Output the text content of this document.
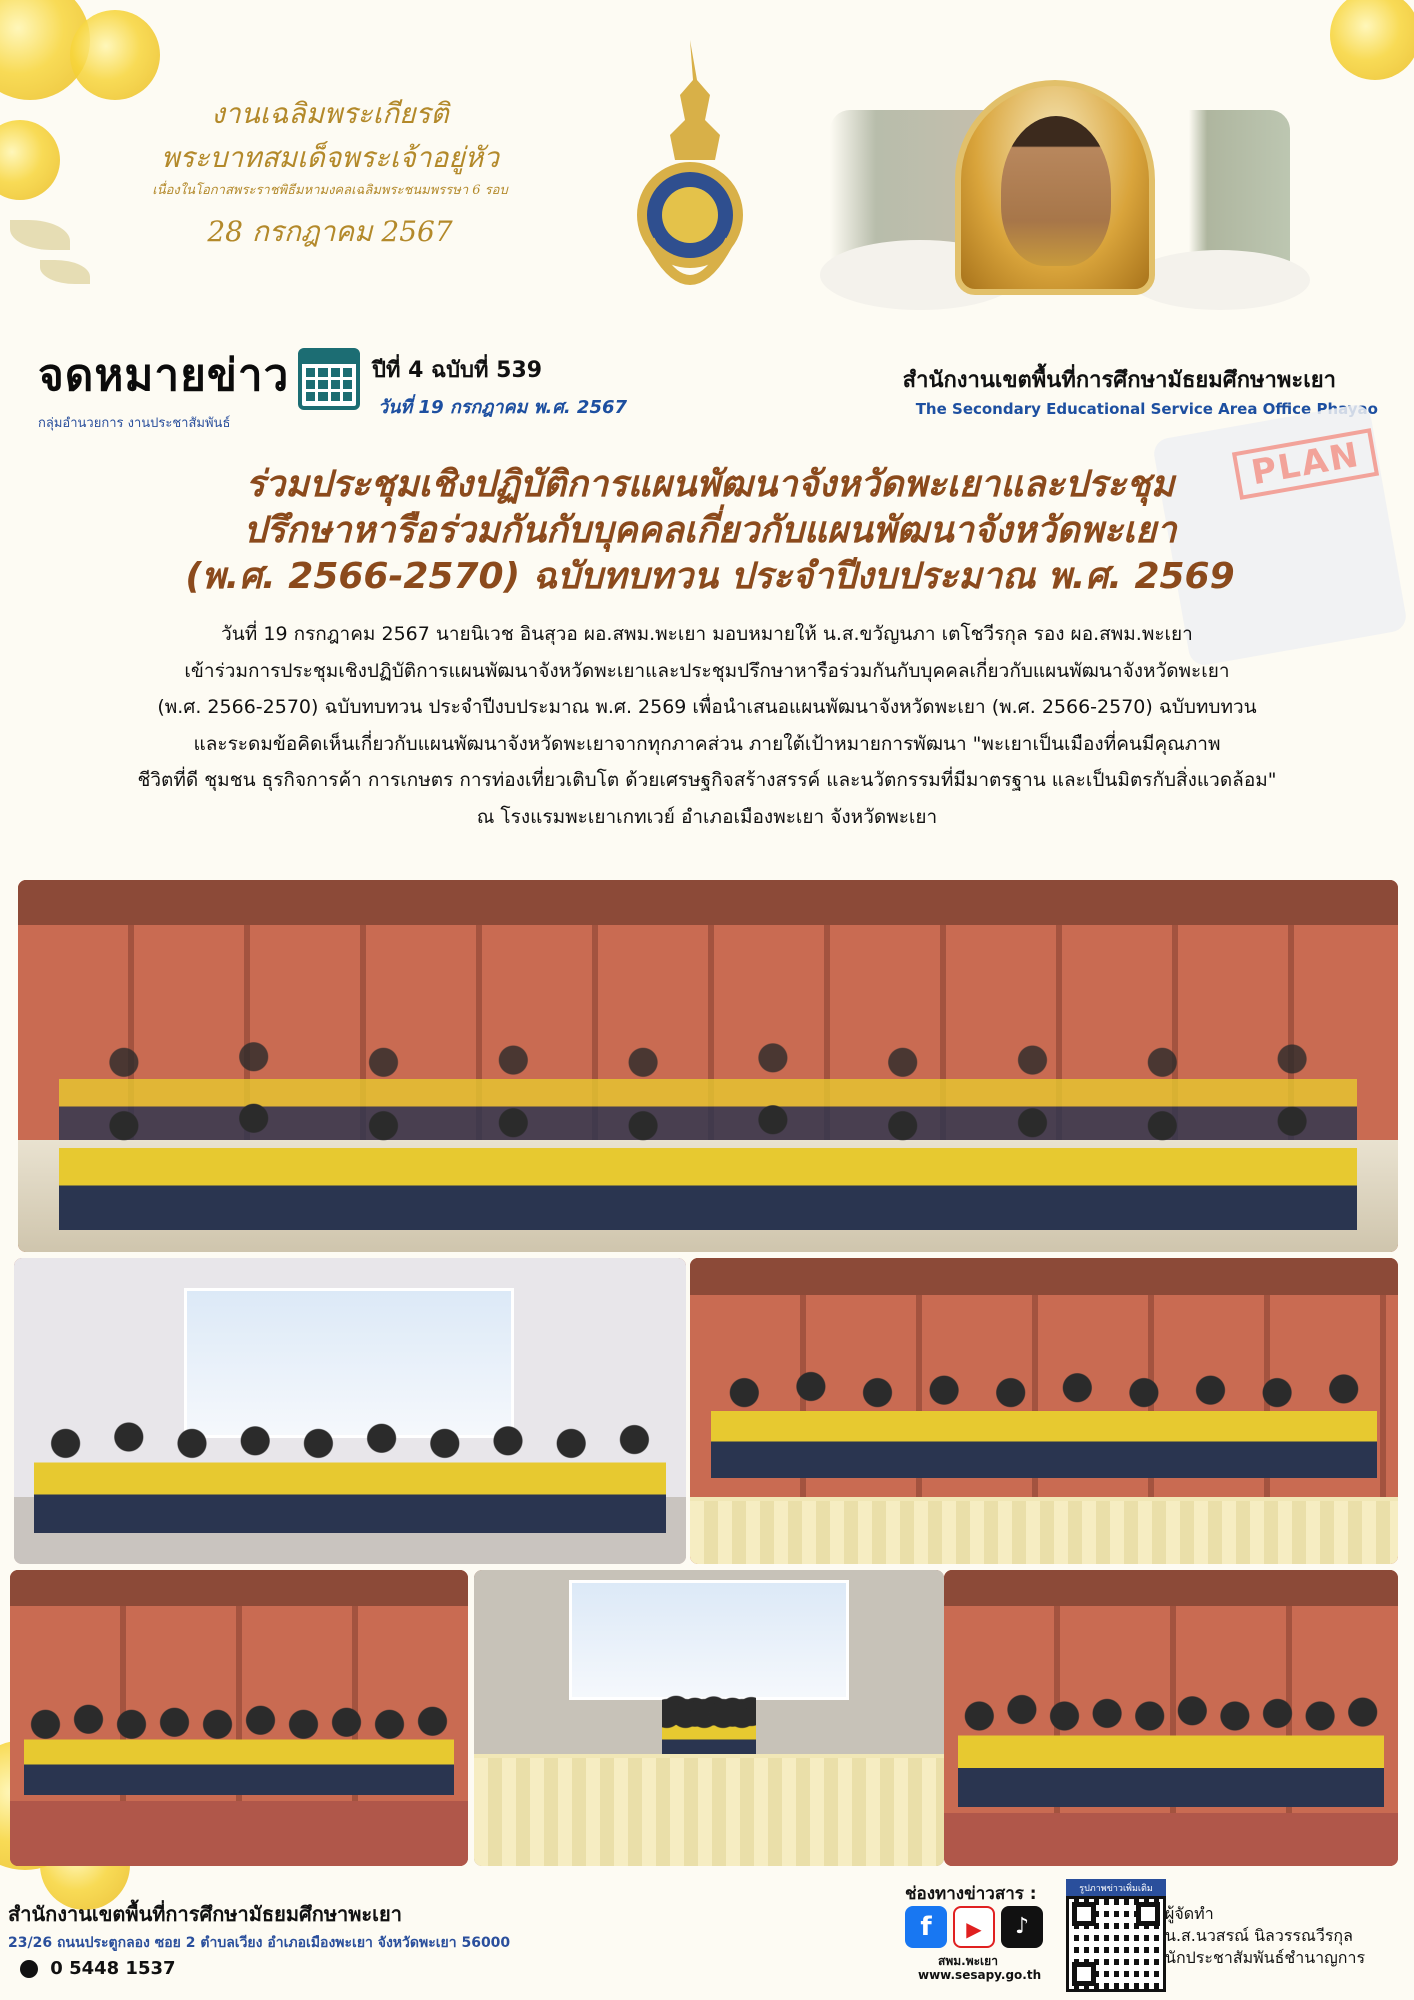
งานเฉลิมพระเกียรติ
พระบาทสมเด็จพระเจ้าอยู่หัว
เนื่องในโอกาสพระราชพิธีมหามงคลเฉลิมพระชนมพรรษา 6 รอบ
28 กรกฎาคม 2567
จดหมายข่าว
กลุ่มอำนวยการ งานประชาสัมพันธ์
ปีที่ 4 ฉบับที่ 539
วันที่ 19 กรกฎาคม พ.ศ. 2567
สำนักงานเขตพื้นที่การศึกษามัธยมศึกษาพะเยา
The Secondary Educational Service Area Office Phayao
PLAN
ร่วมประชุมเชิงปฏิบัติการแผนพัฒนาจังหวัดพะเยาและประชุม
ปรึกษาหารือร่วมกันกับบุคคลเกี่ยวกับแผนพัฒนาจังหวัดพะเยา
(พ.ศ. 2566-2570) ฉบับทบทวน ประจำปีงบประมาณ พ.ศ. 2569
วันที่ 19 กรกฎาคม 2567 นายนิเวช อินสุวอ ผอ.สพม.พะเยา มอบหมายให้ น.ส.ขวัญนภา เตโชวีรกุล รอง ผอ.สพม.พะเยา
เข้าร่วมการประชุมเชิงปฏิบัติการแผนพัฒนาจังหวัดพะเยาและประชุมปรึกษาหารือร่วมกันกับบุคคลเกี่ยวกับแผนพัฒนาจังหวัดพะเยา
(พ.ศ. 2566-2570) ฉบับทบทวน ประจำปีงบประมาณ พ.ศ. 2569 เพื่อนำเสนอแผนพัฒนาจังหวัดพะเยา (พ.ศ. 2566-2570) ฉบับทบทวน
และระดมข้อคิดเห็นเกี่ยวกับแผนพัฒนาจังหวัดพะเยาจากทุกภาคส่วน ภายใต้เป้าหมายการพัฒนา "พะเยาเป็นเมืองที่คนมีคุณภาพ
ชีวิตที่ดี ชุมชน ธุรกิจการค้า การเกษตร การท่องเที่ยวเติบโต ด้วยเศรษฐกิจสร้างสรรค์ และนวัตกรรมที่มีมาตรฐาน และเป็นมิตรกับสิ่งแวดล้อม"
ณ โรงแรมพะเยาเกทเวย์ อำเภอเมืองพะเยา จังหวัดพะเยา
สำนักงานเขตพื้นที่การศึกษามัธยมศึกษาพะเยา
23/26 ถนนประตูกลอง ซอย 2 ตำบลเวียง อำเภอเมืองพะเยา จังหวัดพะเยา 56000
0 5448 1537
ช่องทางข่าวสาร :
f	▶	♪
สพม.พะเยา
www.sesapy.go.th
รูปภาพข่าวเพิ่มเติม
ผู้จัดทำ
น.ส.นวสรณ์ นิลวรรณวีรกุล
นักประชาสัมพันธ์ชำนาญการ
